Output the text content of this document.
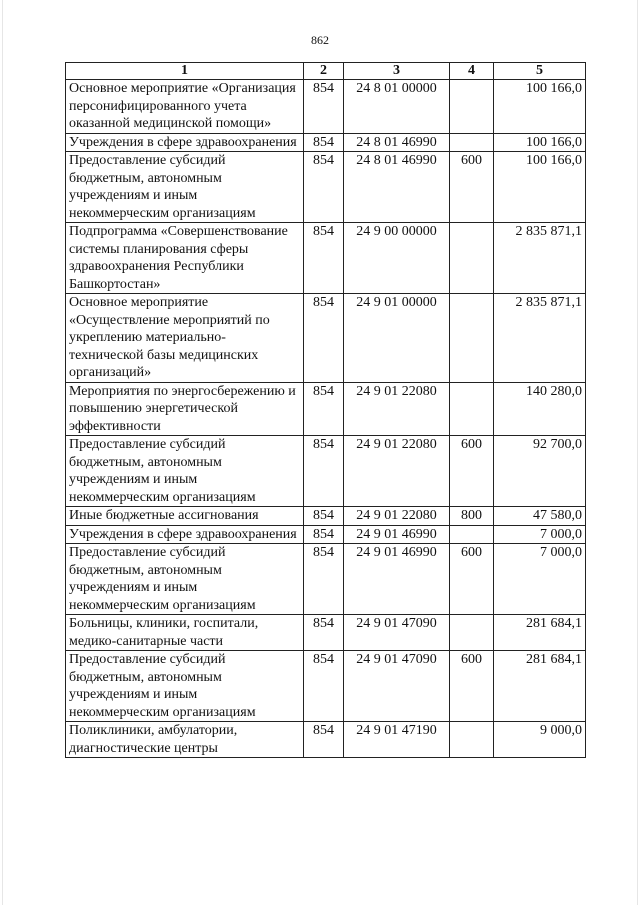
862
1	2	3	4	5
Основное мероприятие «Организация персонифицированного учета оказанной медицинской помощи»	854	24 8 01 00000		100 166,0
Учреждения в сфере здравоохранения	854	24 8 01 46990		100 166,0
Предоставление субсидий бюджетным, автономным учреждениям и иным некоммерческим организациям	854	24 8 01 46990	600	100 166,0
Подпрограмма «Совершенствование системы планирования сферы здравоохранения Республики Башкортостан»	854	24 9 00 00000		2 835 871,1
Основное мероприятие «Осуществление мероприятий по укреплению материально-технической базы медицинских организаций»	854	24 9 01 00000		2 835 871,1
Мероприятия по энергосбережению и повышению энергетической эффективности	854	24 9 01 22080		140 280,0
Предоставление субсидий бюджетным, автономным учреждениям и иным некоммерческим организациям	854	24 9 01 22080	600	92 700,0
Иные бюджетные ассигнования	854	24 9 01 22080	800	47 580,0
Учреждения в сфере здравоохранения	854	24 9 01 46990		7 000,0
Предоставление субсидий бюджетным, автономным учреждениям и иным некоммерческим организациям	854	24 9 01 46990	600	7 000,0
Больницы, клиники, госпитали, медико-санитарные части	854	24 9 01 47090		281 684,1
Предоставление субсидий бюджетным, автономным учреждениям и иным некоммерческим организациям	854	24 9 01 47090	600	281 684,1
Поликлиники, амбулатории, диагностические центры	854	24 9 01 47190		9 000,0
